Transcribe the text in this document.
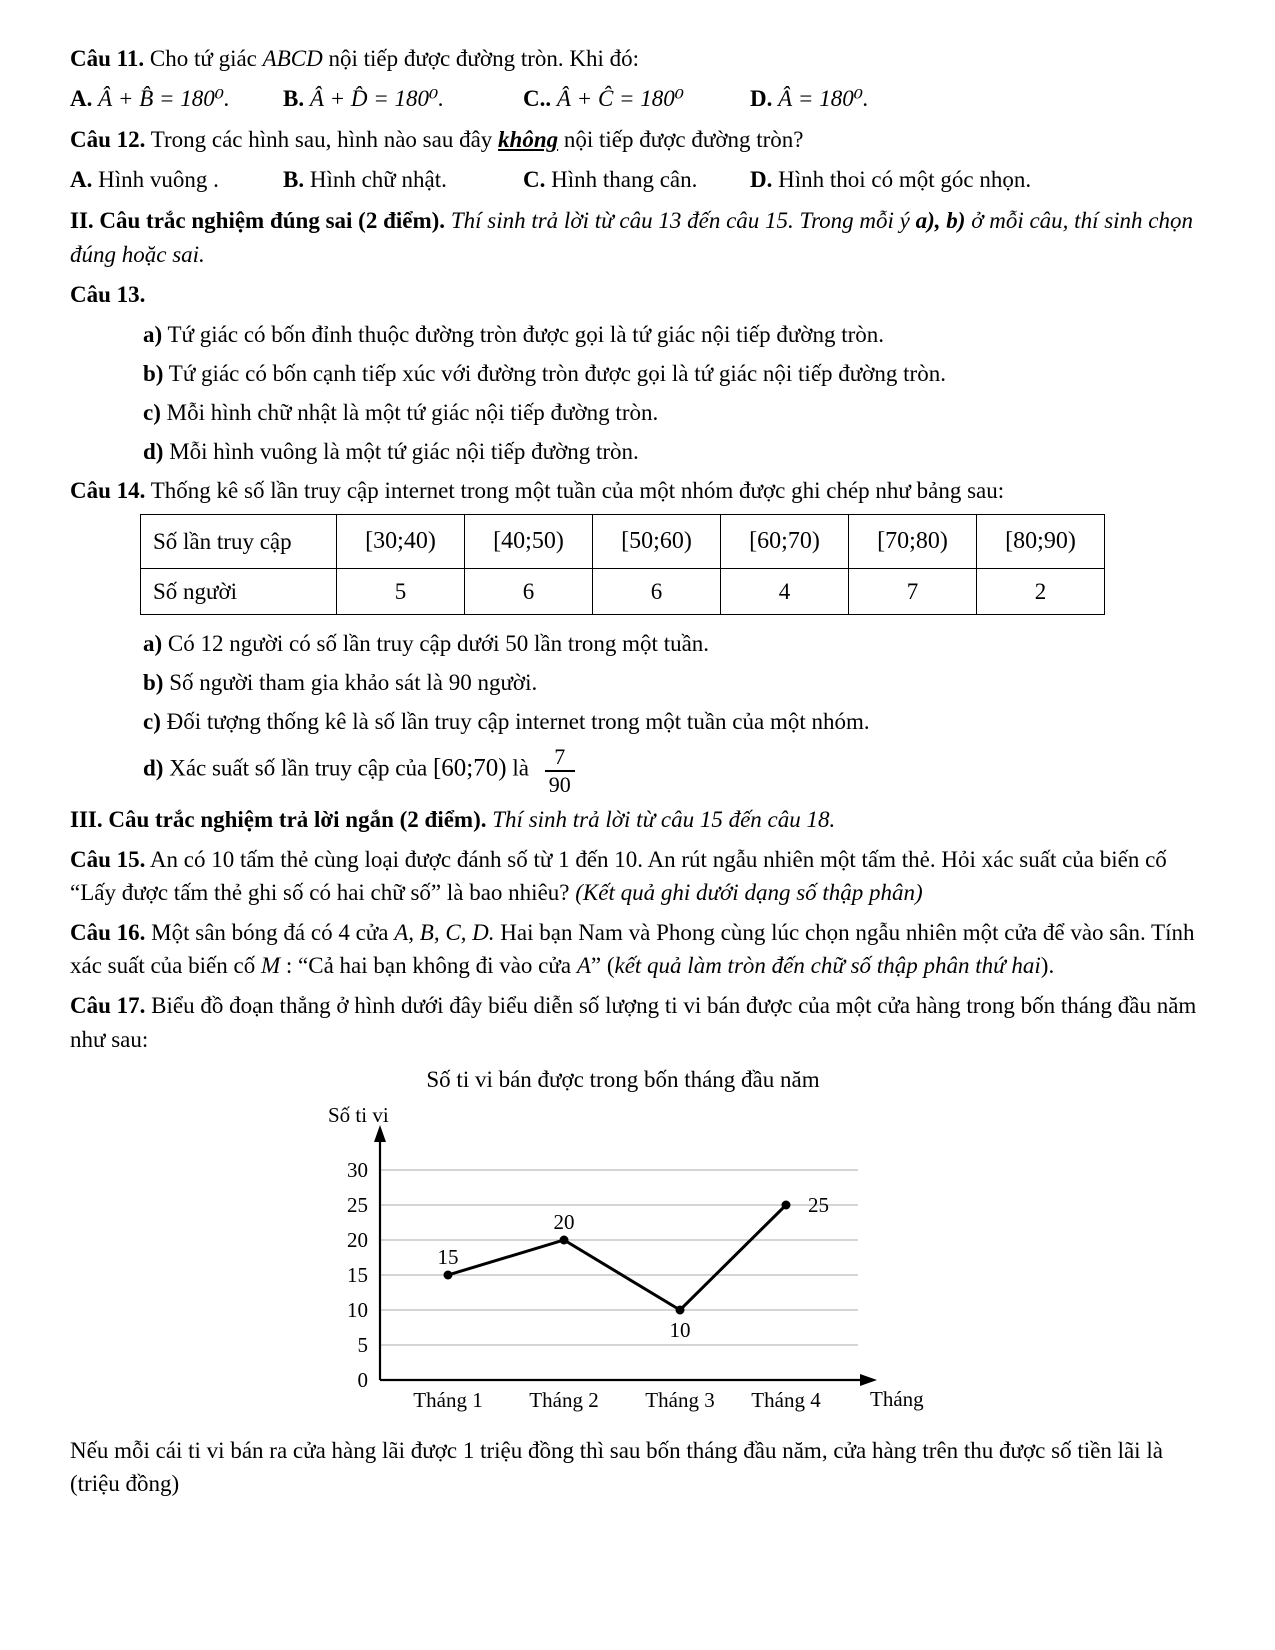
Câu 11. Cho tứ giác ABCD nội tiếp được đường tròn. Khi đó:

A. Â + B̂ = 180⁰.	B. Â + D̂ = 180⁰.	C.. Â + Ĉ = 180⁰	D. Â = 180⁰.

Câu 12. Trong các hình sau, hình nào sau đây không nội tiếp được đường tròn?

A. Hình vuông .	B. Hình chữ nhật.	C. Hình thang cân.	D. Hình thoi có một góc nhọn.

II. Câu trắc nghiệm đúng sai (2 điểm). Thí sinh trả lời từ câu 13 đến câu 15. Trong mỗi ý a), b) ở mỗi câu, thí sinh chọn đúng hoặc sai.

Câu 13.

a) Tứ giác có bốn đỉnh thuộc đường tròn được gọi là tứ giác nội tiếp đường tròn.

b) Tứ giác có bốn cạnh tiếp xúc với đường tròn được gọi là tứ giác nội tiếp đường tròn.

c) Mỗi hình chữ nhật là một tứ giác nội tiếp đường tròn.

d) Mỗi hình vuông là một tứ giác nội tiếp đường tròn.

Câu 14. Thống kê số lần truy cập internet trong một tuần của một nhóm được ghi chép như bảng sau:

Số lần truy cập	[30;40)	[40;50)	[50;60)	[60;70)	[70;80)	[80;90)
Số người	5	6	6	4	7	2

a) Có 12 người có số lần truy cập dưới 50 lần trong một tuần.

b) Số người tham gia khảo sát là 90 người.

c) Đối tượng thống kê là số lần truy cập internet trong một tuần của một nhóm.

d) Xác suất số lần truy cập của [60;70) là $\frac{7}{90}$

III. Câu trắc nghiệm trả lời ngắn (2 điểm). Thí sinh trả lời từ câu 15 đến câu 18.

Câu 15. An có 10 tấm thẻ cùng loại được đánh số từ 1 đến 10. An rút ngẫu nhiên một tấm thẻ. Hỏi xác suất của biến cố “Lấy được tấm thẻ ghi số có hai chữ số” là bao nhiêu? (Kết quả ghi dưới dạng số thập phân)

Câu 16. Một sân bóng đá có 4 cửa A, B, C, D. Hai bạn Nam và Phong cùng lúc chọn ngẫu nhiên một cửa để vào sân. Tính xác suất của biến cố M : “Cả hai bạn không đi vào cửa A” (kết quả làm tròn đến chữ số thập phân thứ hai).

Câu 17. Biểu đồ đoạn thẳng ở hình dưới đây biểu diễn số lượng ti vi bán được của một cửa hàng trong bốn tháng đầu năm như sau:

Số ti vi bán được trong bốn tháng đầu năm
0
5
10
15
20
25
30
Tháng 1 Tháng 2 Tháng 3 Tháng 4 Tháng
Số ti vi
15
20
10
25

Nếu mỗi cái ti vi bán ra cửa hàng lãi được 1 triệu đồng thì sau bốn tháng đầu năm, cửa hàng trên thu được số tiền lãi là (triệu đồng)
